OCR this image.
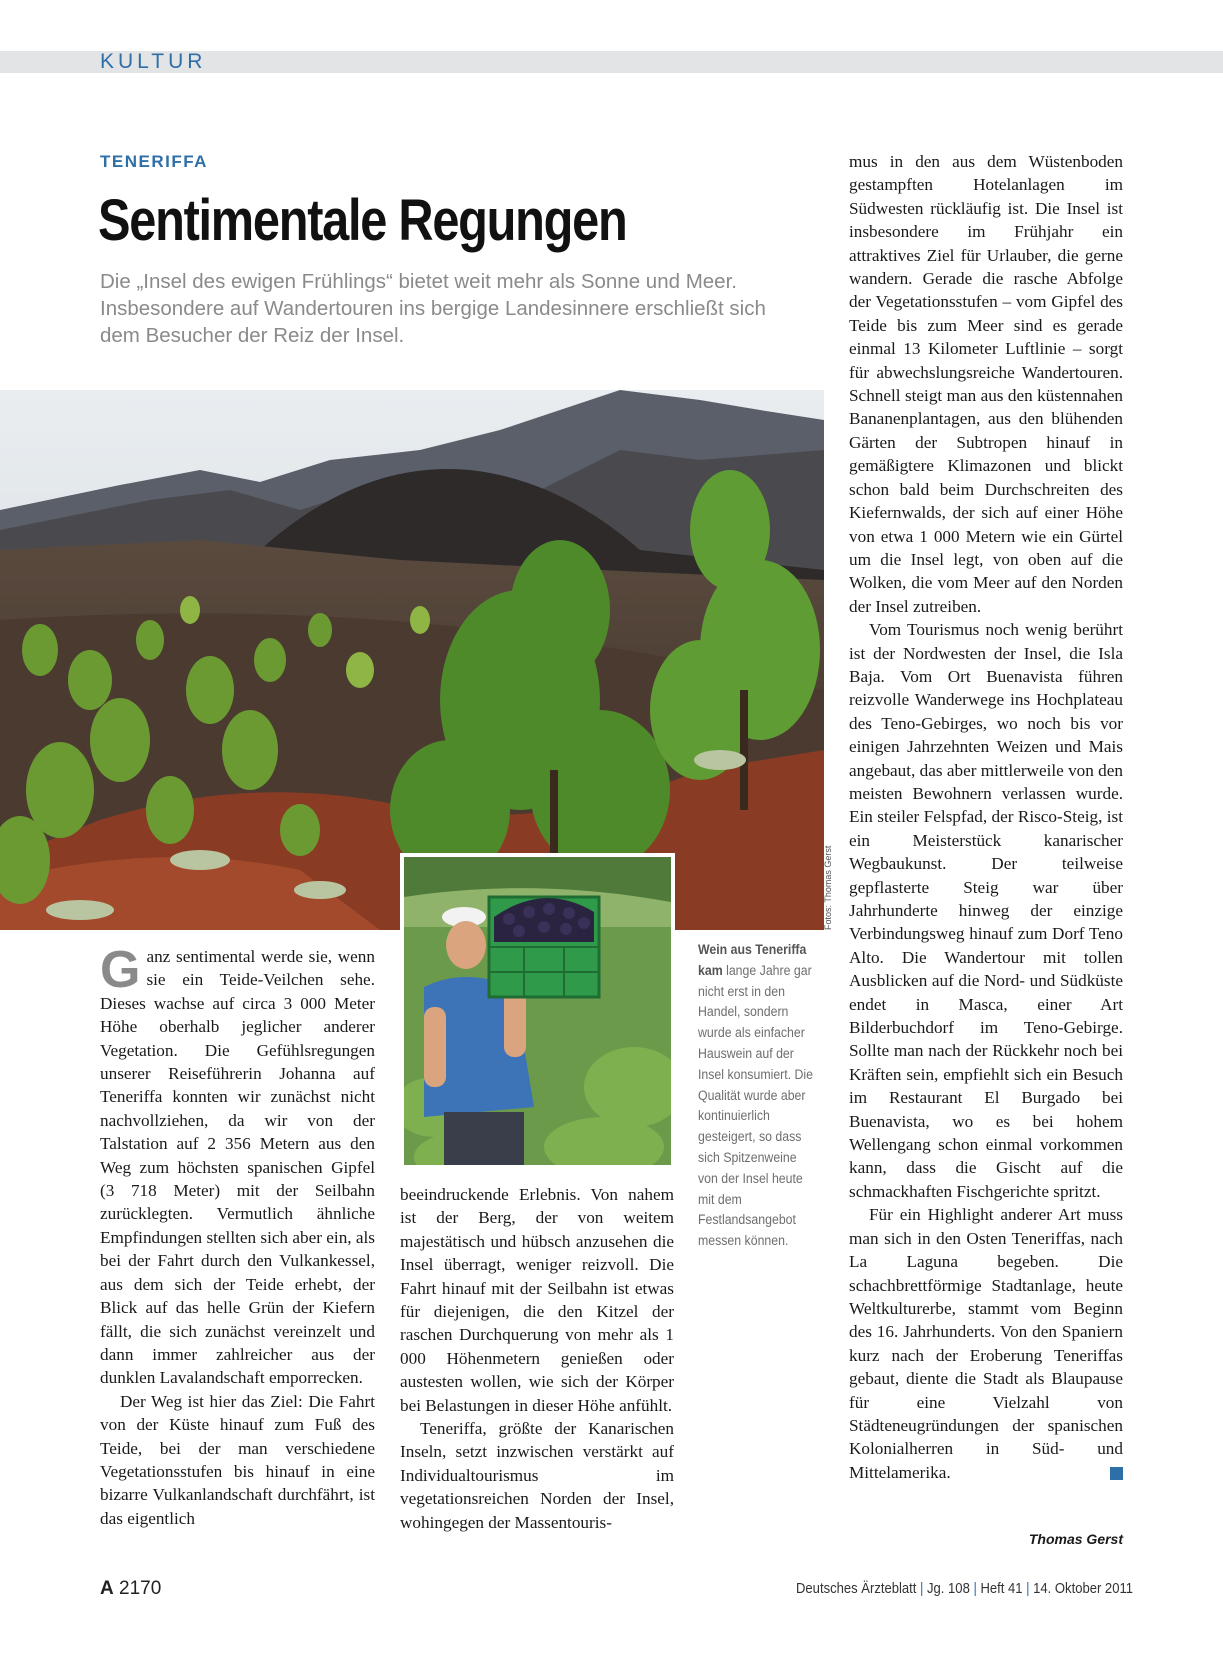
KULTUR
TENERIFFA
Sentimentale Regungen
Die „Insel des ewigen Frühlings“ bietet weit mehr als Sonne und Meer. Insbesondere auf Wandertouren ins bergige Landesinnere erschließt sich dem Besucher der Reiz der Insel.
Fotos: Thomas Gerst
Wein aus Teneriffa kam lange Jahre gar nicht erst in den Handel, sondern wurde als einfacher Hauswein auf der Insel konsumiert. Die Qualität wurde aber kontinuierlich gesteigert, so dass sich Spitzenweine von der Insel heute mit dem Festlandsangebot messen können.

Ganz sentimental werde sie, wenn sie ein Teide-Veilchen sehe. Dieses wachse auf circa 3 000 Meter Höhe oberhalb jeglicher anderer Vegetation. Die Gefühlsregungen unserer Reiseführerin Johanna auf Teneriffa konnten wir zunächst nicht nachvollziehen, da wir von der Talstation auf 2 356 Metern aus den Weg zum höchsten spanischen Gipfel (3 718 Meter) mit der Seilbahn zurücklegten. Vermutlich ähnliche Empfindungen stellten sich aber ein, als bei der Fahrt durch den Vulkankessel, aus dem sich der Teide erhebt, der Blick auf das helle Grün der Kiefern fällt, die sich zunächst vereinzelt und dann immer zahlreicher aus der dunklen Lavalandschaft emporrecken.

Der Weg ist hier das Ziel: Die Fahrt von der Küste hinauf zum Fuß des Teide, bei der man verschiedene Vegetationsstufen bis hinauf in eine bizarre Vulkanlandschaft durchfährt, ist das eigentlich

beeindruckende Erlebnis. Von nahem ist der Berg, der von weitem majestätisch und hübsch anzusehen die Insel überragt, weniger reizvoll. Die Fahrt hinauf mit der Seilbahn ist etwas für diejenigen, die den Kitzel der raschen Durchquerung von mehr als 1 000 Höhenmetern genießen oder austesten wollen, wie sich der Körper bei Belastungen in dieser Höhe anfühlt.

Teneriffa, größte der Kanarischen Inseln, setzt inzwischen verstärkt auf Individualtourismus im vegetationsreichen Norden der Insel, wohingegen der Massentouris-

mus in den aus dem Wüstenboden gestampften Hotelanlagen im Südwesten rückläufig ist. Die Insel ist insbesondere im Frühjahr ein attraktives Ziel für Urlauber, die gerne wandern. Gerade die rasche Abfolge der Vegetationsstufen – vom Gipfel des Teide bis zum Meer sind es gerade einmal 13 Kilometer Luftlinie – sorgt für abwechslungsreiche Wandertouren. Schnell steigt man aus den küstennahen Bananenplantagen, aus den blühenden Gärten der Subtropen hinauf in gemäßigtere Klimazonen und blickt schon bald beim Durchschreiten des Kiefernwalds, der sich auf einer Höhe von etwa 1 000 Metern wie ein Gürtel um die Insel legt, von oben auf die Wolken, die vom Meer auf den Norden der Insel zutreiben.

Vom Tourismus noch wenig berührt ist der Nordwesten der Insel, die Isla Baja. Vom Ort Buenavista führen reizvolle Wanderwege ins Hochplateau des Teno-Gebirges, wo noch bis vor einigen Jahrzehnten Weizen und Mais angebaut, das aber mittlerweile von den meisten Bewohnern verlassen wurde. Ein steiler Felspfad, der Risco-Steig, ist ein Meisterstück kanarischer Wegbaukunst. Der teilweise gepflasterte Steig war über Jahrhunderte hinweg der einzige Verbindungsweg hinauf zum Dorf Teno Alto. Die Wandertour mit tollen Ausblicken auf die Nord- und Südküste endet in Masca, einer Art Bilderbuchdorf im Teno-Gebirge. Sollte man nach der Rückkehr noch bei Kräften sein, empfiehlt sich ein Besuch im Restaurant El Burgado bei Buenavista, wo es bei hohem Wellengang schon einmal vorkommen kann, dass die Gischt auf die schmackhaften Fischgerichte spritzt.

Für ein Highlight anderer Art muss man sich in den Osten Teneriffas, nach La Laguna begeben. Die schachbrettförmige Stadtanlage, heute Weltkulturerbe, stammt vom Beginn des 16. Jahrhunderts. Von den Spaniern kurz nach der Eroberung Teneriffas gebaut, diente die Stadt als Blaupause für eine Vielzahl von Städteneugründungen der spanischen Kolonialherren in Süd- und Mittelamerika.

Thomas Gerst
A 2170	Deutsches Ärzteblatt | Jg. 108 | Heft 41 | 14. Oktober 2011
